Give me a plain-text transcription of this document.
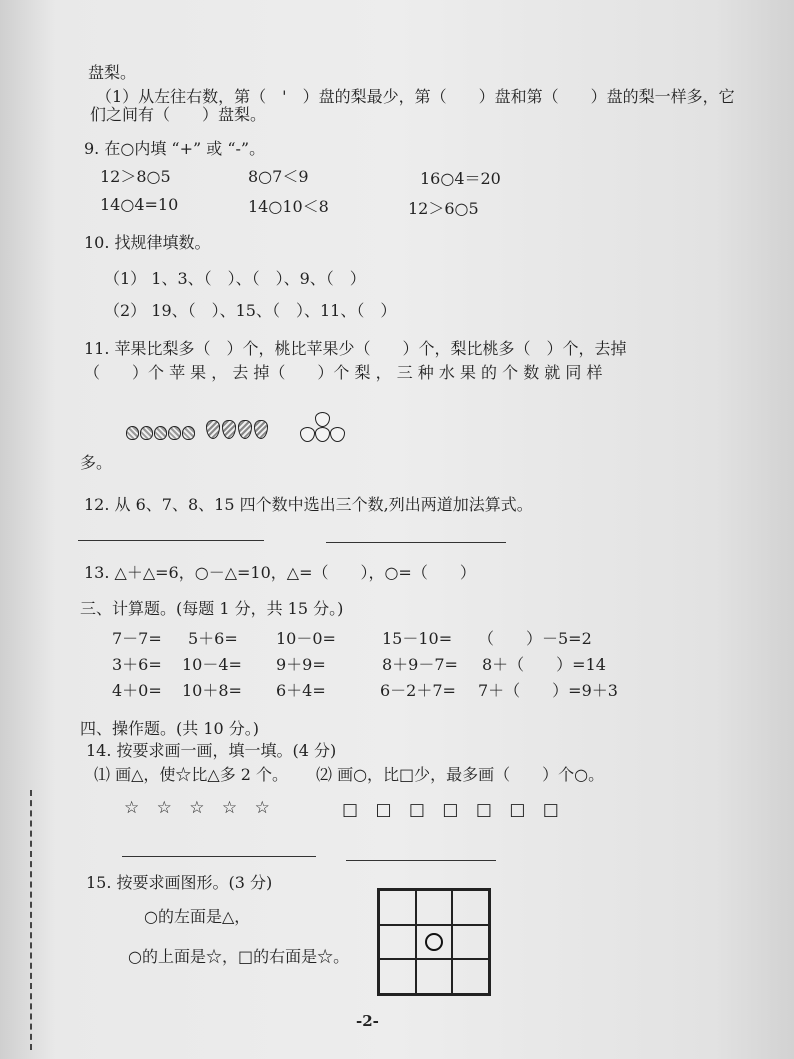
盘梨。
（1）从左往右数，第（　'　）盘的梨最少，第（　　）盘和第（　　）盘的梨一样多，它
们之间有（　　）盘梨。
9. 在○内填 “+” 或 “-”。
12＞8○5	8○7＜9	16○4＝20
14○4=10	14○10＜8	12＞6○5
10. 找规律填数。
（1） 1、3、（　）、（　）、9、（　）
（2） 19、（　）、15、（　）、11、（　）
11. 苹果比梨多（　）个，桃比苹果少（　　）个，梨比桃多（　）个，去掉
（　　）个 苹 果 ， 去 掉（　　）个 梨 ， 三 种 水 果 的 个 数 就 同 样
多。
12. 从 6、7、8、15 四个数中选出三个数,列出两道加法算式。
13. △＋△=6，○－△=10，△=（　　），○=（　　）
三、计算题。(每题 1 分，共 15 分。)
7－7= 5＋6= 10－0=	15－10= （　　）－5=2
3＋6= 10－4= 9＋9=	8＋9－7= 8＋（　　）=14
4＋0= 10＋8= 6＋4=	6－2＋7= 7＋（　　）=9＋3
四、操作题。(共 10 分。)
14. 按要求画一画，填一填。(4 分)
⑴ 画△，使☆比△多 2 个。 ⑵ 画○，比□少，最多画（　　）个○。
☆ ☆ ☆ ☆ ☆	□ □ □ □ □ □ □
15. 按要求画图形。(3 分)
○的左面是△，
○的上面是☆，□的右面是☆。
-2-
